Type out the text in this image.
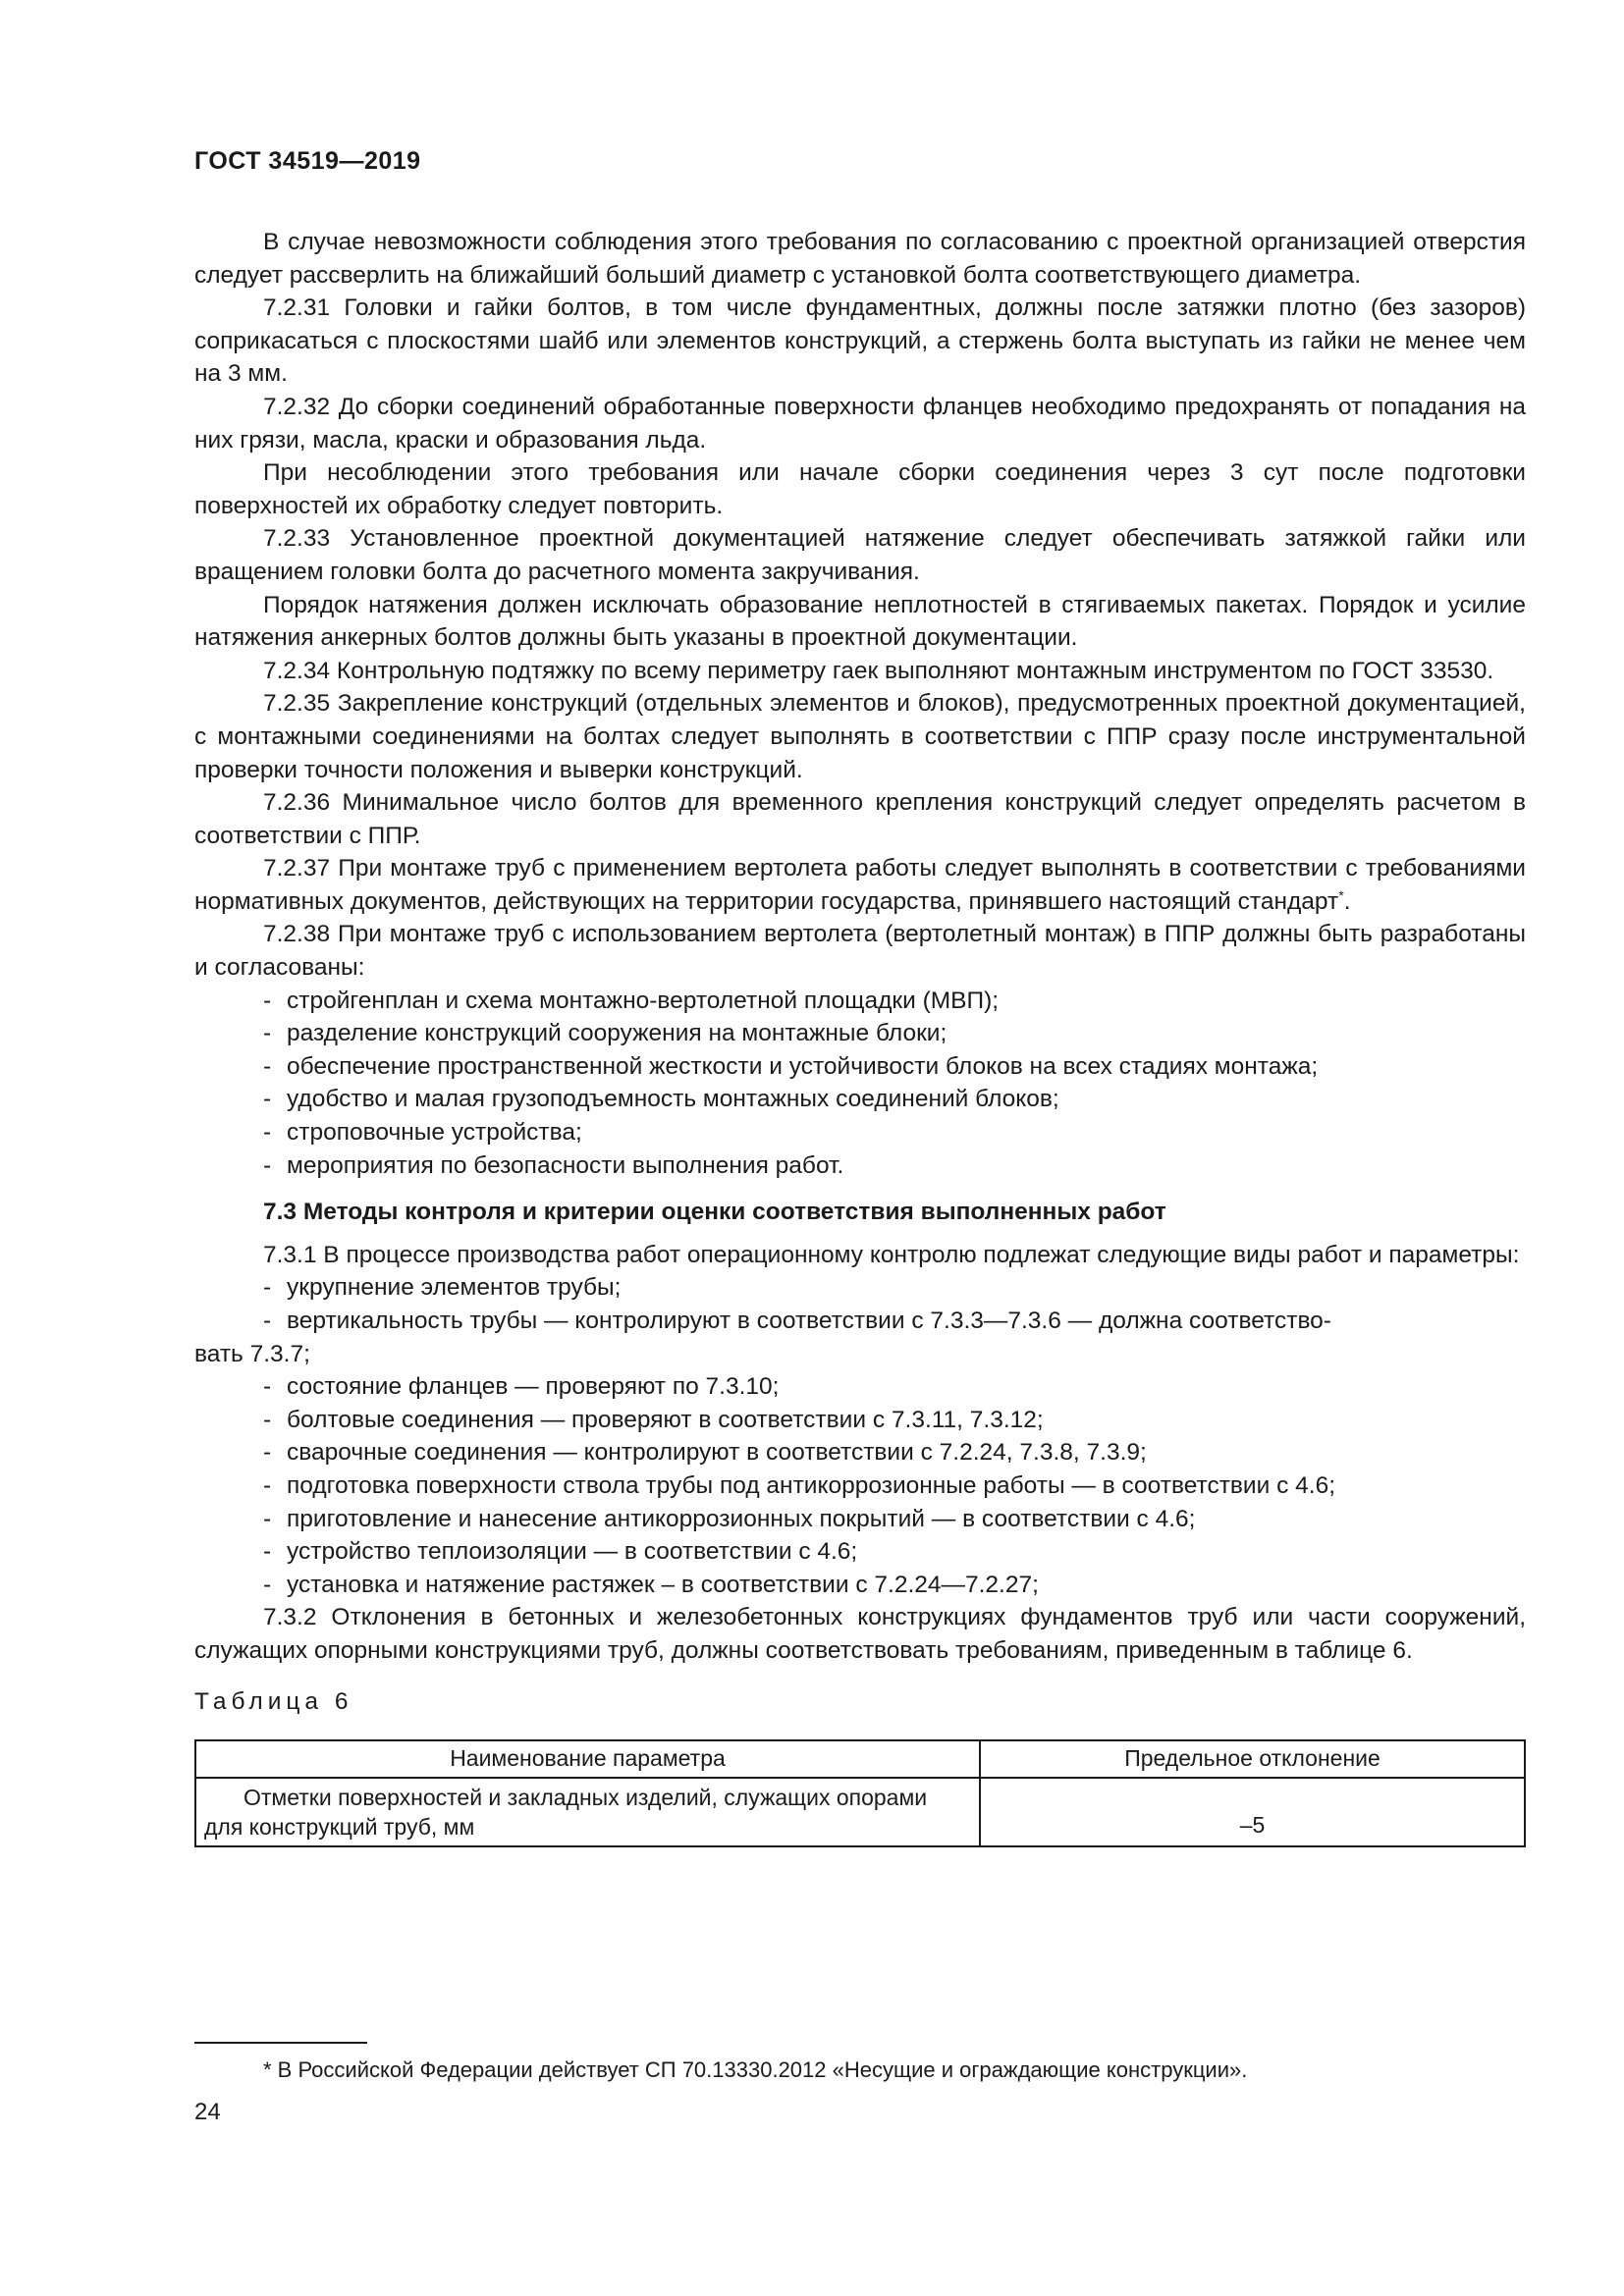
ГОСТ 34519—2019

В случае невозможности соблюдения этого требования по согласованию с проектной организацией отверстия следует рассверлить на ближайший больший диаметр с установкой болта соответствующего диаметра.

7.2.31 Головки и гайки болтов, в том числе фундаментных, должны после затяжки плотно (без зазоров) соприкасаться с плоскостями шайб или элементов конструкций, а стержень болта выступать из гайки не менее чем на 3 мм.

7.2.32 До сборки соединений обработанные поверхности фланцев необходимо предохранять от попадания на них грязи, масла, краски и образования льда.

При несоблюдении этого требования или начале сборки соединения через 3 сут после подготовки поверхностей их обработку следует повторить.

7.2.33 Установленное проектной документацией натяжение следует обеспечивать затяжкой гайки или вращением головки болта до расчетного момента закручивания.

Порядок натяжения должен исключать образование неплотностей в стягиваемых пакетах. Порядок и усилие натяжения анкерных болтов должны быть указаны в проектной документации.

7.2.34 Контрольную подтяжку по всему периметру гаек выполняют монтажным инструментом по ГОСТ 33530.

7.2.35 Закрепление конструкций (отдельных элементов и блоков), предусмотренных проектной документацией, с монтажными соединениями на болтах следует выполнять в соответствии с ППР сразу после инструментальной проверки точности положения и выверки конструкций.

7.2.36 Минимальное число болтов для временного крепления конструкций следует определять расчетом в соответствии с ППР.

7.2.37 При монтаже труб с применением вертолета работы следует выполнять в соответствии с требованиями нормативных документов, действующих на территории государства, принявшего настоящий стандарт*.

7.2.38 При монтаже труб с использованием вертолета (вертолетный монтаж) в ППР должны быть разработаны и согласованы:

- стройгенплан и схема монтажно-вертолетной площадки (МВП);

- разделение конструкций сооружения на монтажные блоки;

- обеспечение пространственной жесткости и устойчивости блоков на всех стадиях монтажа;

- удобство и малая грузоподъемность монтажных соединений блоков;

- строповочные устройства;

- мероприятия по безопасности выполнения работ.

7.3 Методы контроля и критерии оценки соответствия выполненных работ

7.3.1 В процессе производства работ операционному контролю подлежат следующие виды работ и параметры:

- укрупнение элементов трубы;

- вертикальность трубы — контролируют в соответствии с 7.3.3—7.3.6 — должна соответство-
вать 7.3.7;

- состояние фланцев — проверяют по 7.3.10;

- болтовые соединения — проверяют в соответствии с 7.3.11, 7.3.12;

- сварочные соединения — контролируют в соответствии с 7.2.24, 7.3.8, 7.3.9;

- подготовка поверхности ствола трубы под антикоррозионные работы — в соответствии с 4.6;

- приготовление и нанесение антикоррозионных покрытий — в соответствии с 4.6;

- устройство теплоизоляции — в соответствии с 4.6;

- установка и натяжение растяжек – в соответствии с 7.2.24—7.2.27;

7.3.2 Отклонения в бетонных и железобетонных конструкциях фундаментов труб или части сооружений, служащих опорными конструкциями труб, должны соответствовать требованиям, приведенным в таблице 6.

Таблица 6
Наименование параметра	Предельное отклонение
Отметки поверхностей и закладных изделий, служащих опорами для конструкций труб, мм	–5
* В Российской Федерации действует СП 70.13330.2012 «Несущие и ограждающие конструкции».
24
